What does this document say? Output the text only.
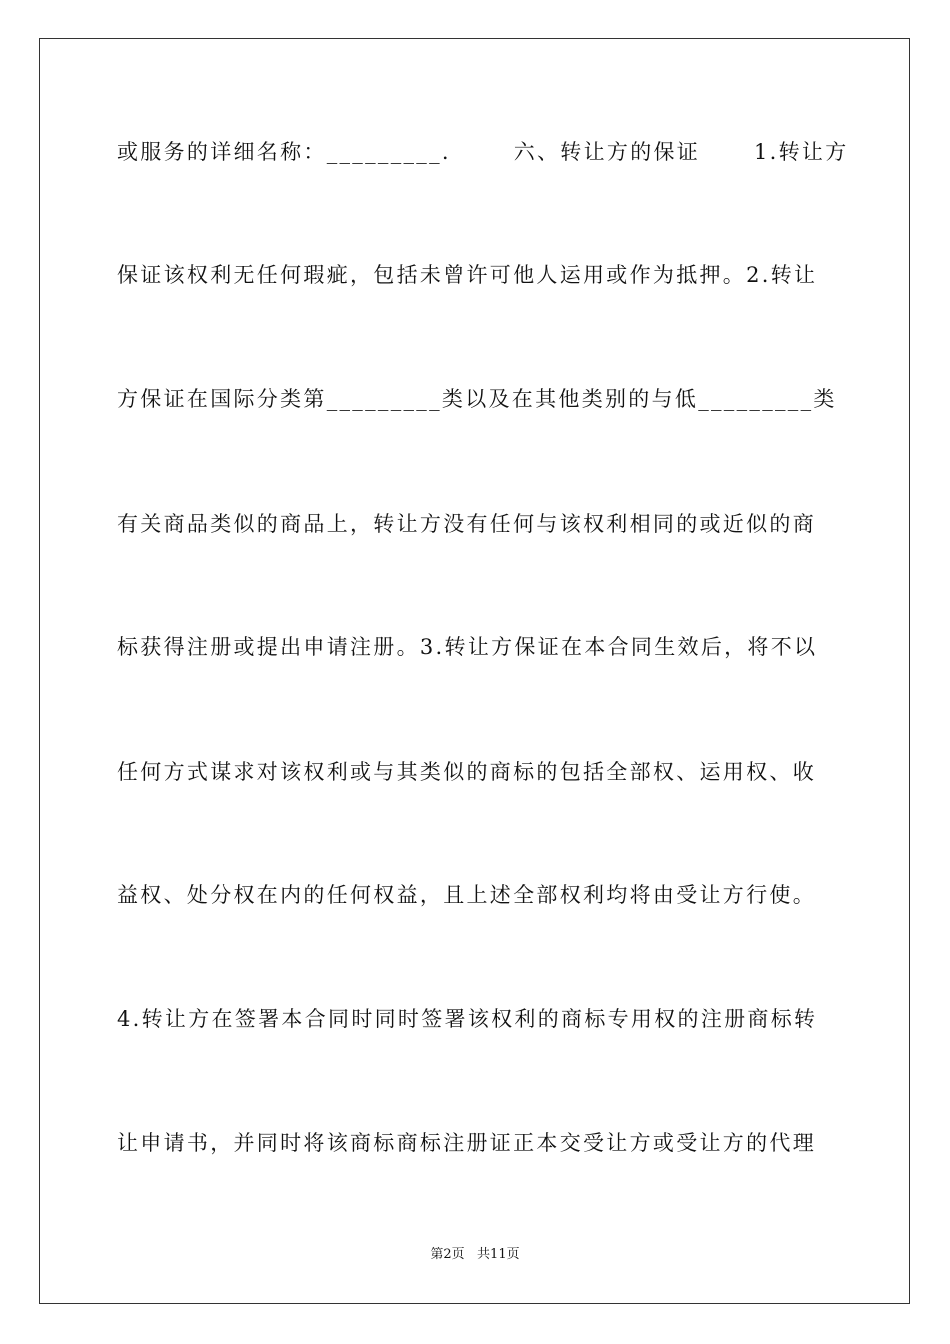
或服务的详细名称：_________.       六、转让方的保证      1.转让方
保证该权利无任何瑕疵，包括未曾许可他人运用或作为抵押。2.转让
方保证在国际分类第_________类以及在其他类别的与低_________类
有关商品类似的商品上，转让方没有任何与该权利相同的或近似的商
标获得注册或提出申请注册。3.转让方保证在本合同生效后，将不以
任何方式谋求对该权利或与其类似的商标的包括全部权、运用权、收
益权、处分权在内的任何权益，且上述全部权利均将由受让方行使。
4.转让方在签署本合同时同时签署该权利的商标专用权的注册商标转
让申请书，并同时将该商标商标注册证正本交受让方或受让方的代理
第2页   共11页
